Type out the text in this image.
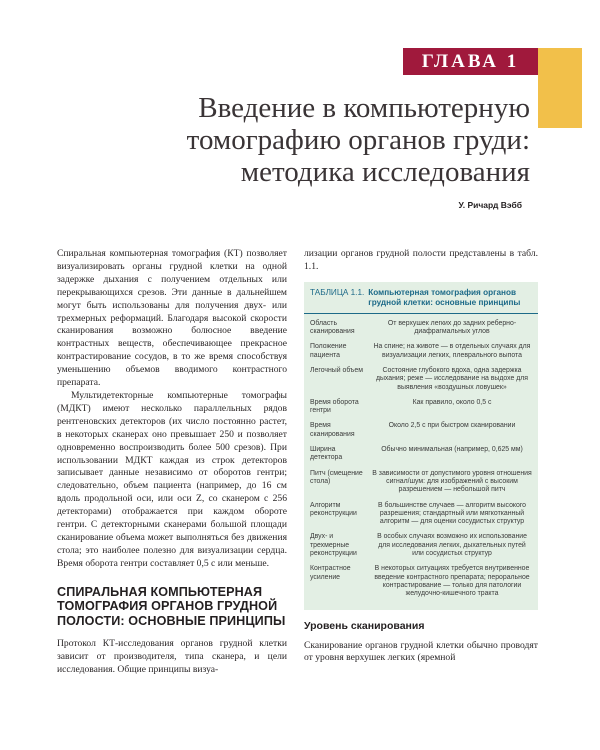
ГЛАВА 1
Введение в компьютерную
томографию органов груди:
методика исследования
У. Ричард Вэбб

Спиральная компьютерная томография (КТ) позволяет визуализировать органы грудной клетки на одной задержке дыхания с получением отдельных или перекрывающихся срезов. Эти данные в дальнейшем могут быть использованы для получения двух- или трехмерных реформаций. Благодаря высокой скорости сканирования возможно болюсное введение контрастных веществ, обеспечивающее прекрасное контрастирование сосудов, в то же время способствуя уменьшению объемов вводимого контрастного препарата.

Мультидетекторные компьютерные томографы (МДКТ) имеют несколько параллельных рядов рентгеновских детекторов (их число постоянно растет, в некоторых сканерах оно превышает 250 и позволяет одновременно воспроизводить более 500 срезов). При использовании МДКТ каждая из строк детекторов записывает данные независимо от оборотов гентри; следовательно, объем пациента (например, до 16 см вдоль продольной оси, или оси Z, со сканером с 256 детекторами) отображается при каждом обороте гентри. С детекторными сканерами большой площади сканирование объема может выполняться без движения стола; это наиболее полезно для визуализации сердца. Время оборота гентри составляет 0,5 с или меньше.

СПИРАЛЬНАЯ КОМПЬЮТЕРНАЯ ТОМОГРАФИЯ ОРГАНОВ ГРУДНОЙ ПОЛОСТИ: ОСНОВНЫЕ ПРИНЦИПЫ

Протокол КТ-исследования органов грудной клетки зависит от производителя, типа сканера, и цели исследования. Общие принципы визуа-

лизации органов грудной полости представлены в табл. 1.1.

ТАБЛИЦА 1.1. Компьютерная томография органов грудной клетки: основные принципы
Область сканирования
От верхушек легких до задних реберно-диафрагмальных углов
Положение пациента
На спине; на животе — в отдельных случаях для визуализации легких, плеврального выпота
Легочный объем	Состояние глубокого вдоха, одна задержка дыхания; реже — исследование на выдохе для выявления «воздушных ловушек»
Время оборота гентри
Как правило, около 0,5 с
Время сканирования
Около 2,5 с при быстром сканировании
Ширина детектора
Обычно минимальная (например, 0,625 мм)
Питч (смещение стола)
В зависимости от допустимого уровня отношения сигнал/шум: для изображений с высоким разрешением — небольшой питч
Алгоритм реконструкции
В большинстве случаев — алгоритм высокого разрешения; стандартный или мягкотканный алгоритм — для оценки сосудистых структур
Двух- и трехмерные реконструкции
В особых случаях возможно их использование для исследования легких, дыхательных путей или сосудистых структур
Контрастное усиление
В некоторых ситуациях требуется внутривенное введение контрастного препарата; пероральное контрастирование — только для патологии желудочно-кишечного тракта
Уровень сканирования

Сканирование органов грудной клетки обычно проводят от уровня верхушек легких (яремной
